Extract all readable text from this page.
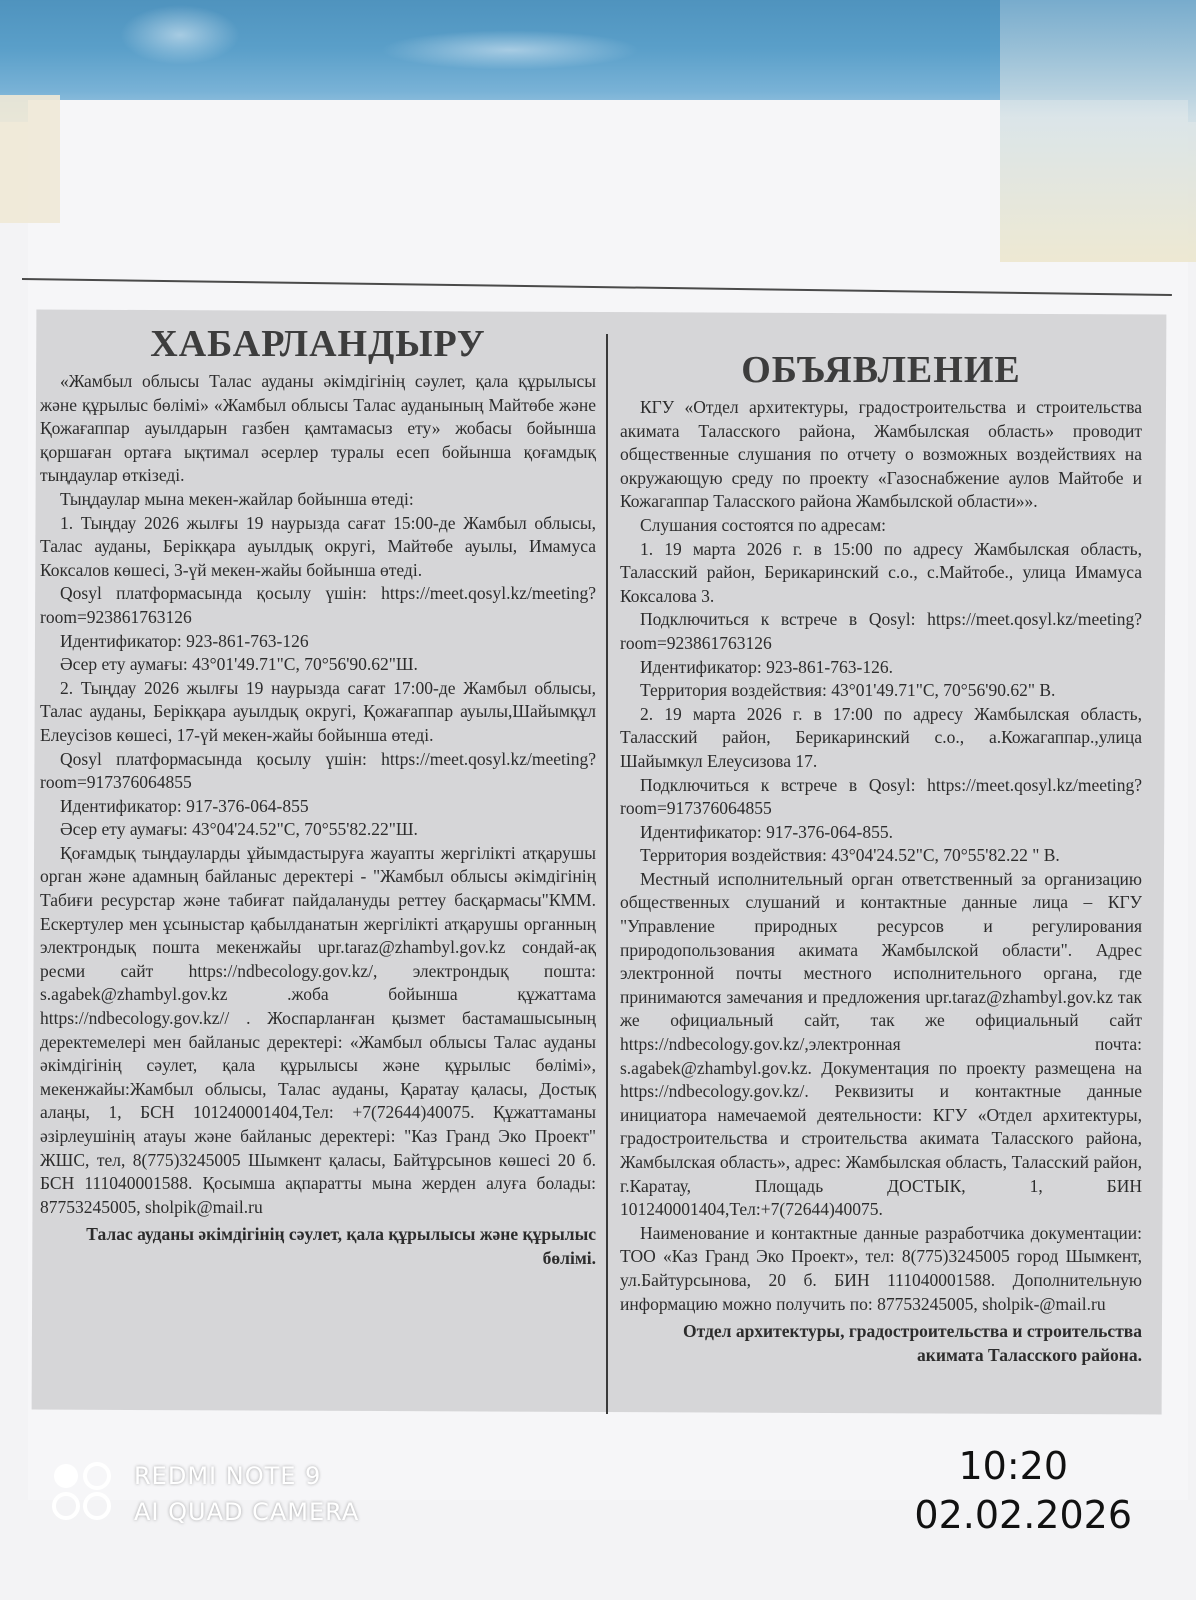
ХАБАРЛАНДЫРУ

«Жамбыл облысы Талас ауданы әкімдігінің сәулет, қала құрылысы және құрылыс бөлімі» «Жамбыл облысы Талас ауданының Майтөбе және Қожағаппар ауылдарын газбен қамтамасыз ету» жобасы бойынша қоршаған ортаға ықтимал әсерлер туралы есеп бойынша қоғамдық тыңдаулар өткізеді.

Тыңдаулар мына мекен-жайлар бойынша өтеді:

1. Тыңдау 2026 жылғы 19 наурызда сағат 15:00-де Жамбыл облысы, Талас ауданы, Берікқара ауылдық округі, Майтөбе ауылы, Имамуса Коксалов көшесі, 3-үй мекен-жайы бойынша өтеді.

Qosyl платформасында қосылу үшін: https://meet.qosyl.kz/meeting?room=923861763126

Идентификатор: 923-861-763-126

Әсер ету аумағы: 43°01'49.71"С, 70°56'90.62"Ш.

2. Тыңдау 2026 жылғы 19 наурызда сағат 17:00-де Жамбыл облысы, Талас ауданы, Берікқара ауылдық округі, Қожағаппар ауылы,Шайымқұл Елеусізов көшесі, 17-үй мекен-жайы бойынша өтеді.

Qosyl платформасында қосылу үшін: https://meet.qosyl.kz/meeting?room=917376064855

Идентификатор: 917-376-064-855

Әсер ету аумағы: 43°04'24.52"С, 70°55'82.22"Ш.

Қоғамдық тыңдауларды ұйымдастыруға жауапты жергілікті атқарушы орган және адамның байланыс деректері - "Жамбыл облысы әкімдігінің Табиғи ресурстар және табиғат пайдалануды реттеу басқармасы"КММ. Ескертулер мен ұсыныстар қабылданатын жергілікті атқарушы органның электрондық пошта мекенжайы upr.taraz@zhambyl.gov.kz сондай-ақ ресми сайт https://ndbecology.gov.kz/, электрондық пошта: s.agabek@zhambyl.gov.kz .жоба бойынша құжаттама https://ndbecology.gov.kz// . Жоспарланған қызмет бастамашысының деректемелері мен байланыс деректері: «Жамбыл облысы Талас ауданы әкімдігінің сәулет, қала құрылысы және құрылыс бөлімі», мекенжайы:Жамбыл облысы, Талас ауданы, Қаратау қаласы, Достық алаңы, 1, БСН 101240001404,Тел: +7(72644)40075. Құжаттаманы әзірлеушінің атауы және байланыс деректері: "Каз Гранд Эко Проект" ЖШС, тел, 8(775)3245005 Шымкент қаласы, Байтұрсынов көшесі 20 б. БСН 111040001588. Қосымша ақпаратты мына жерден алуға болады: 87753245005, sholpik@mail.ru

Талас ауданы әкімдігінің сәулет, қала құрылысы және құрылыс бөлімі.

ОБЪЯВЛЕНИЕ

КГУ «Отдел архитектуры, градостроительства и строительства акимата Таласского района, Жамбылская область» проводит общественные слушания по отчету о возможных воздействиях на окружающую среду по проекту «Газоснабжение аулов Майтобе и Кожагаппар Таласского района Жамбылской области»».

Слушания состоятся по адресам:

1. 19 марта 2026 г. в 15:00 по адресу Жамбылская область, Таласский район, Берикаринский с.о., с.Майтобе., улица Имамуса Коксалова 3.

Подключиться к встрече в Qosyl: https://meet.qosyl.kz/meeting?room=923861763126

Идентификатор: 923-861-763-126.

Территория воздействия: 43°01'49.71"С, 70°56'90.62" В.

2. 19 марта 2026 г. в 17:00 по адресу Жамбылская область, Таласский район, Берикаринский с.о., а.Кожагаппар.,улица Шайымкул Елеусизова 17.

Подключиться к встрече в Qosyl: https://meet.qosyl.kz/meeting?room=917376064855

Идентификатор: 917-376-064-855.

Территория воздействия: 43°04'24.52"С, 70°55'82.22 " В.

Местный исполнительный орган ответственный за организацию общественных слушаний и контактные данные лица – КГУ "Управление природных ресурсов и регулирования природопользования акимата Жамбылской области". Адрес электронной почты местного исполнительного органа, где принимаются замечания и предложения upr.taraz@zhambyl.gov.kz так же официальный сайт, так же официальный сайт https://ndbecology.gov.kz/,электронная почта: s.agabek@zhambyl.gov.kz. Документация по проекту размещена на https://ndbecology.gov.kz/. Реквизиты и контактные данные инициатора намечаемой деятельности: КГУ «Отдел архитектуры, градостроительства и строительства акимата Таласского района, Жамбылская область», адрес: Жамбылская область, Таласский район, г.Каратау, Площадь ДОСТЫК, 1, БИН 101240001404,Тел:+7(72644)40075.

Наименование и контактные данные разработчика документации: ТОО «Каз Гранд Эко Проект», тел: 8(775)3245005 город Шымкент, ул.Байтурсынова, 20 б. БИН 111040001588. Дополнительную информацию можно получить по: 87753245005, sholpik-@mail.ru

Отдел архитектуры, градостроительства и строительства акимата Таласского района.

REDMI NOTE 9
AI QUAD CAMERA
10:20
02.02.2026
